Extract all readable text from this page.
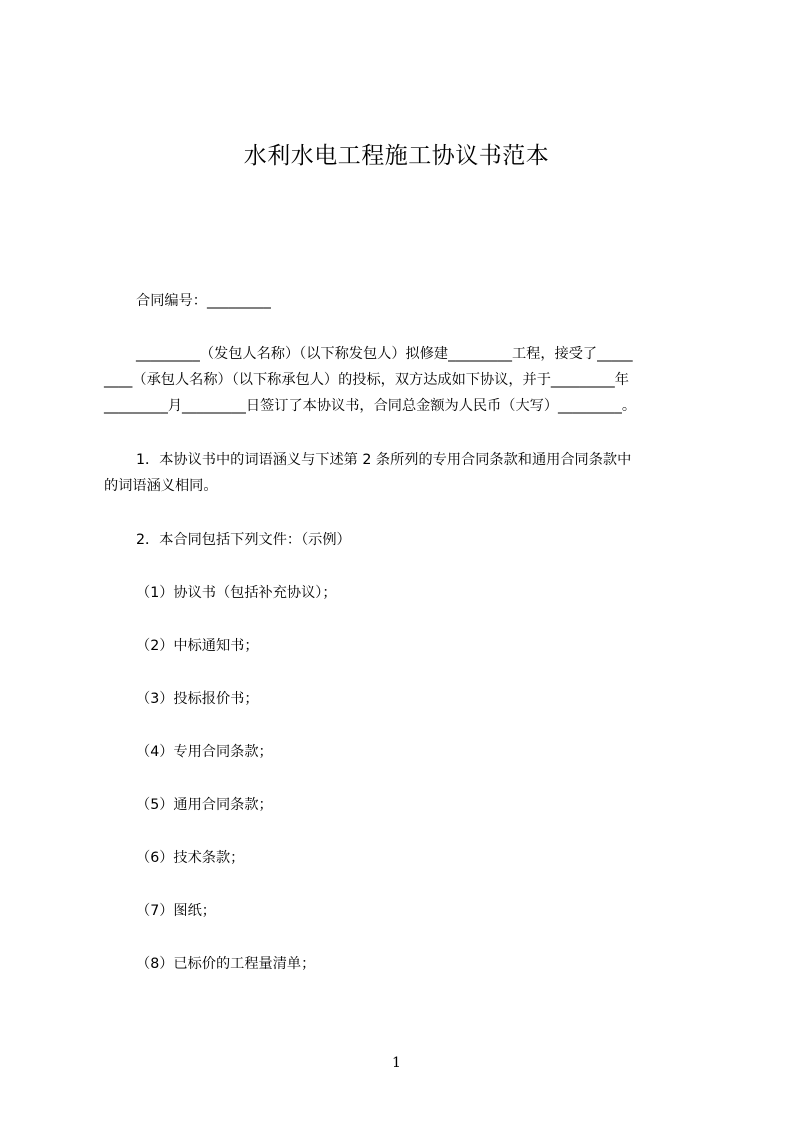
水利水电工程施工协议书范本
合同编号：_________
_________（发包人名称）（以下称发包人）拟修建_________工程，接受了_____
____（承包人名称）（以下称承包人）的投标，双方达成如下协议，并于_________年
_________月_________日签订了本协议书，合同总金额为人民币（大写）_________。
1．本协议书中的词语涵义与下述第 2 条所列的专用合同条款和通用合同条款中
的词语涵义相同。
2．本合同包括下列文件：（示例）
（1）协议书（包括补充协议）；
（2）中标通知书；
（3）投标报价书；
（4）专用合同条款；
（5）通用合同条款；
（6）技术条款；
（7）图纸；
（8）已标价的工程量清单；
1
